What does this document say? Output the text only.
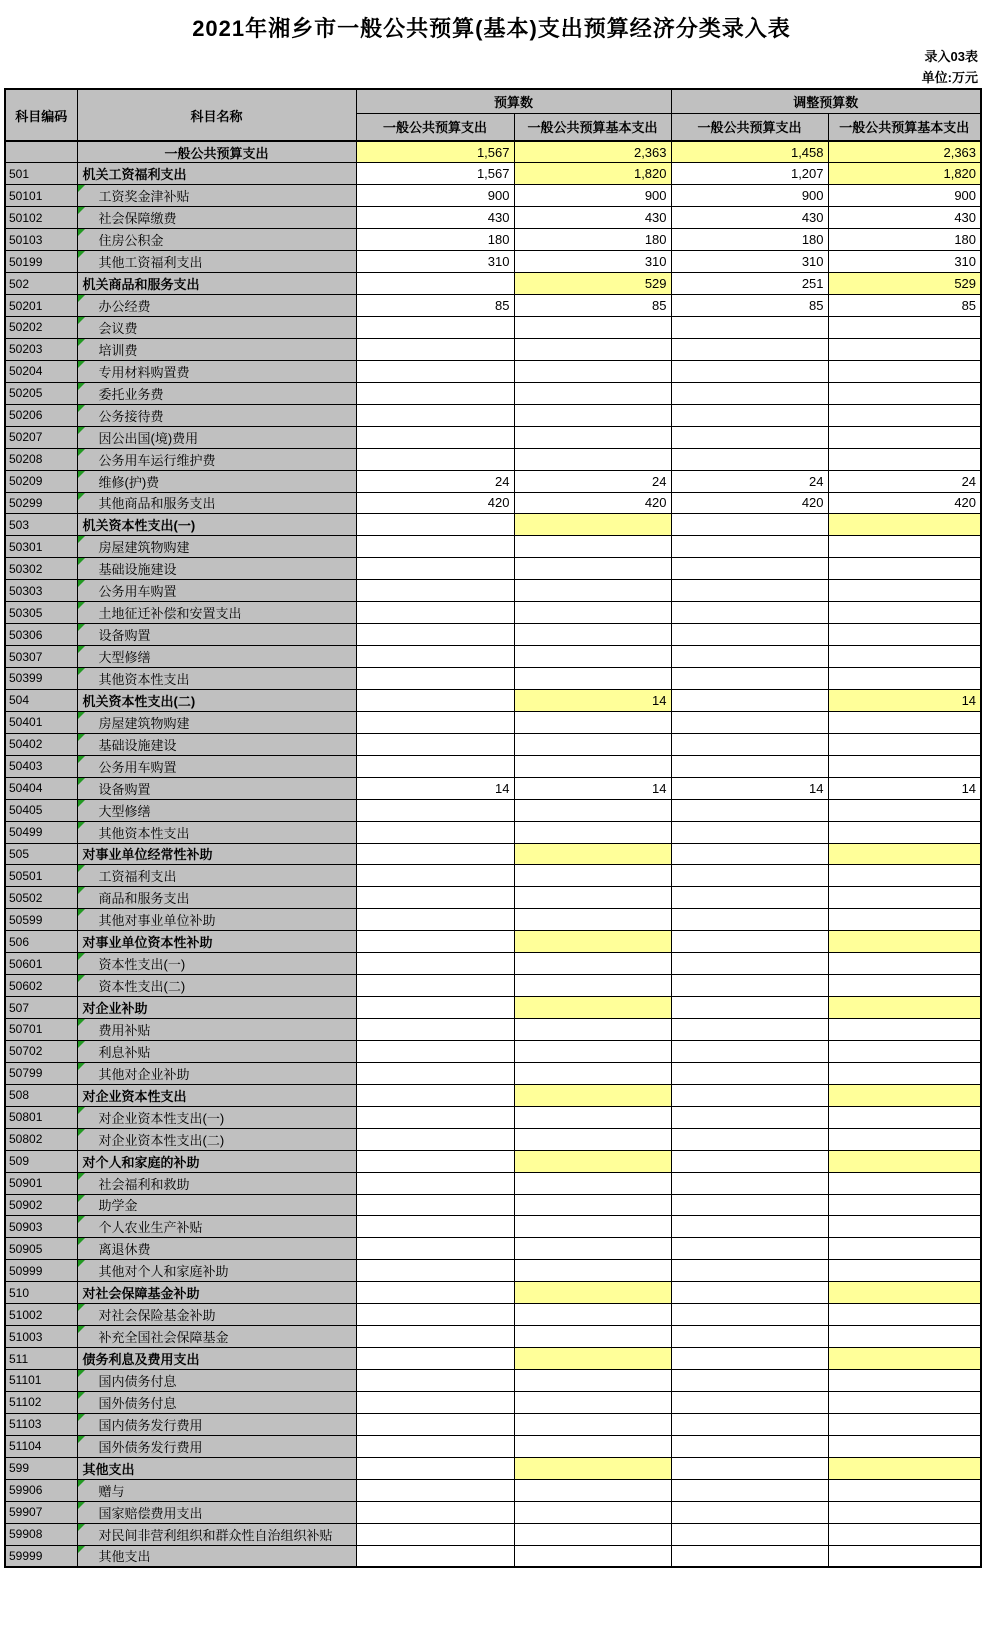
2021年湘乡市一般公共预算(基本)支出预算经济分类录入表
录入03表
单位:万元
科目编码	科目名称	预算数		调整预算数	
		一般公共预算支出	一般公共预算基本支出	一般公共预算支出	一般公共预算基本支出
	一般公共预算支出	1,567	2,363	1,458	2,363
501	机关工资福利支出	1,567	1,820	1,207	1,820
50101	工资奖金津补贴	900	900	900	900
50102	社会保障缴费	430	430	430	430
50103	住房公积金	180	180	180	180
50199	其他工资福利支出	310	310	310	310
502	机关商品和服务支出		529	251	529
50201	办公经费	85	85	85	85
50202	会议费				
50203	培训费				
50204	专用材料购置费				
50205	委托业务费				
50206	公务接待费				
50207	因公出国(境)费用				
50208	公务用车运行维护费				
50209	维修(护)费	24	24	24	24
50299	其他商品和服务支出	420	420	420	420
503	机关资本性支出(一)				
50301	房屋建筑物购建				
50302	基础设施建设				
50303	公务用车购置				
50305	土地征迁补偿和安置支出				
50306	设备购置				
50307	大型修缮				
50399	其他资本性支出				
504	机关资本性支出(二)		14		14
50401	房屋建筑物购建				
50402	基础设施建设				
50403	公务用车购置				
50404	设备购置	14	14	14	14
50405	大型修缮				
50499	其他资本性支出				
505	对事业单位经常性补助				
50501	工资福利支出				
50502	商品和服务支出				
50599	其他对事业单位补助				
506	对事业单位资本性补助				
50601	资本性支出(一)				
50602	资本性支出(二)				
507	对企业补助				
50701	费用补贴				
50702	利息补贴				
50799	其他对企业补助				
508	对企业资本性支出				
50801	对企业资本性支出(一)				
50802	对企业资本性支出(二)				
509	对个人和家庭的补助				
50901	社会福利和救助				
50902	助学金				
50903	个人农业生产补贴				
50905	离退休费				
50999	其他对个人和家庭补助				
510	对社会保障基金补助				
51002	对社会保险基金补助				
51003	补充全国社会保障基金				
511	债务利息及费用支出				
51101	国内债务付息				
51102	国外债务付息				
51103	国内债务发行费用				
51104	国外债务发行费用				
599	其他支出				
59906	赠与				
59907	国家赔偿费用支出				
59908	对民间非营利组织和群众性自治组织补贴				
59999	其他支出				
